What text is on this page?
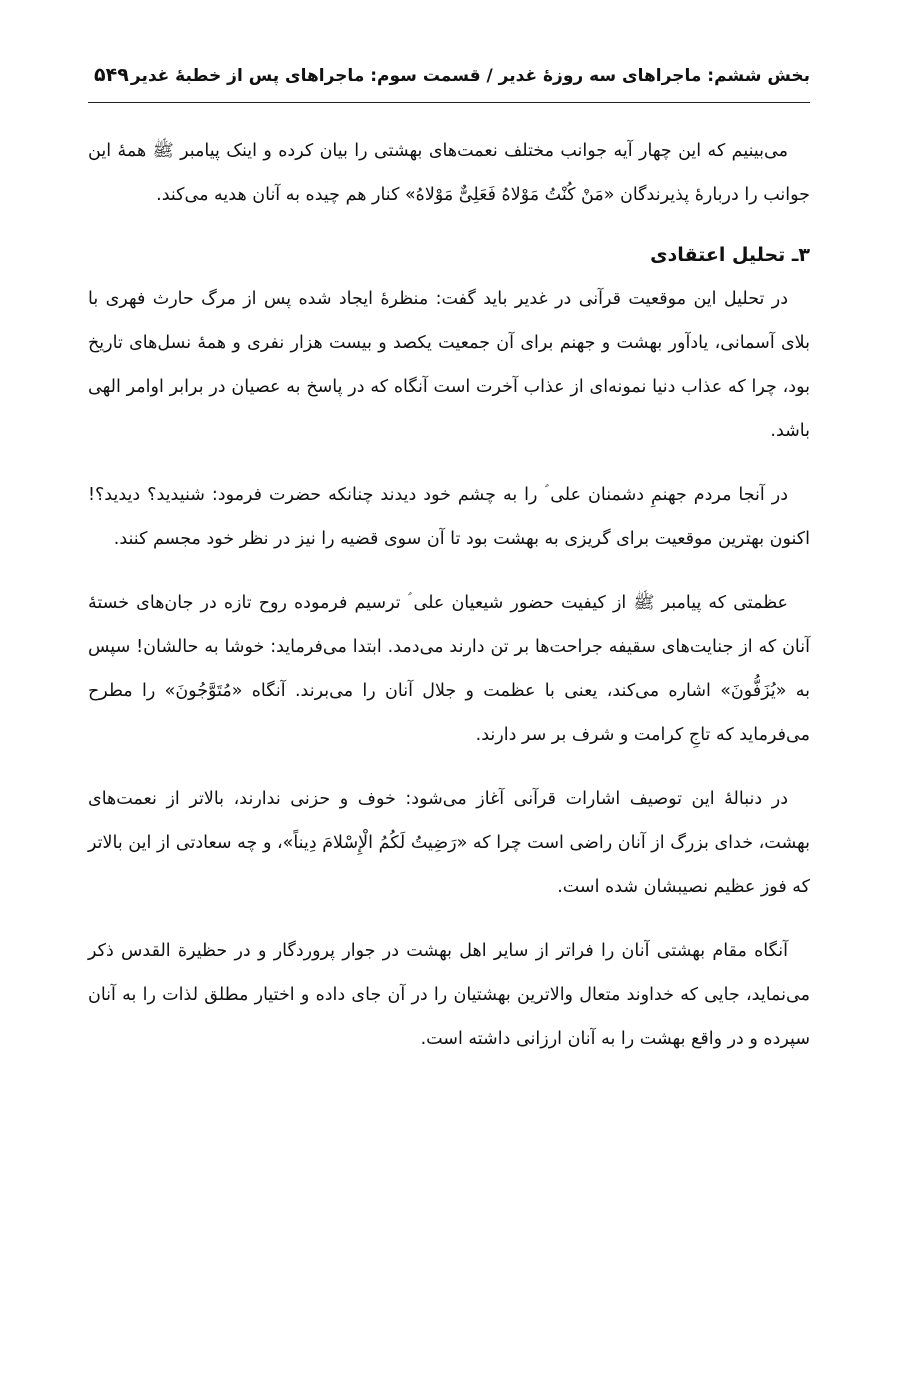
بخش ششم: ماجراهای سه روزهٔ غدیر / قسمت سوم: ماجراهای پس از خطبهٔ غدیر
۵۴۹

می‌بینیم که این چهار آیه جوانب مختلف نعمت‌های بهشتی را بیان کرده و اینک پیامبر ﷺ همهٔ این جوانب را دربارهٔ پذیرندگان «مَنْ کُنْتُ مَوْلاهُ فَعَلِیٌّ مَوْلاهُ» کنار هم چیده به آنان هدیه می‌کند.

۳ـ تحلیل اعتقادی

در تحلیل این موقعیت قرآنی در غدیر باید گفت: منظرهٔ ایجاد شده پس از مرگ حارث فهری با بلای آسمانی، یادآور بهشت و جهنم برای آن جمعیت یکصد و بیست هزار نفری و همهٔ نسل‌های تاریخ بود، چرا که عذاب دنیا نمونه‌ای از عذاب آخرت است آنگاه که در پاسخ به عصیان در برابر اوامر الهی باشد.

در آنجا مردم جهنمِ دشمنان علی ؑ را به چشم خود دیدند چنانکه حضرت فرمود: شنیدید؟ دیدید؟! اکنون بهترین موقعیت برای گریزی به بهشت بود تا آن سوی قضیه را نیز در نظر خود مجسم کنند.

عظمتی که پیامبر ﷺ از کیفیت حضور شیعیان علی ؑ ترسیم فرموده روح تازه در جان‌های خستهٔ آنان که از جنایت‌های سقیفه جراحت‌ها بر تن دارند می‌دمد. ابتدا می‌فرماید: خوشا به حالشان! سپس به «یُزَفُّونَ» اشاره می‌کند، یعنی با عظمت و جلال آنان را می‌برند. آنگاه «مُتَوَّجُونَ» را مطرح می‌فرماید که تاجِ کرامت و شرف بر سر دارند.

در دنبالهٔ این توصیف اشارات قرآنی آغاز می‌شود: خوف و حزنی ندارند، بالاتر از نعمت‌های بهشت، خدای بزرگ از آنان راضی است چرا که «رَضِیتُ لَکُمُ الْإِسْلامَ دِیناً»، و چه سعادتی از این بالاتر که فوز عظیم نصیبشان شده است.

آنگاه مقام بهشتی آنان را فراتر از سایر اهل بهشت در جوار پروردگار و در حظیرة القدس ذکر می‌نماید، جایی که خداوند متعال والاترین بهشتیان را در آن جای داده و اختیار مطلق لذات را به آنان سپرده و در واقع بهشت را به آنان ارزانی داشته است.
